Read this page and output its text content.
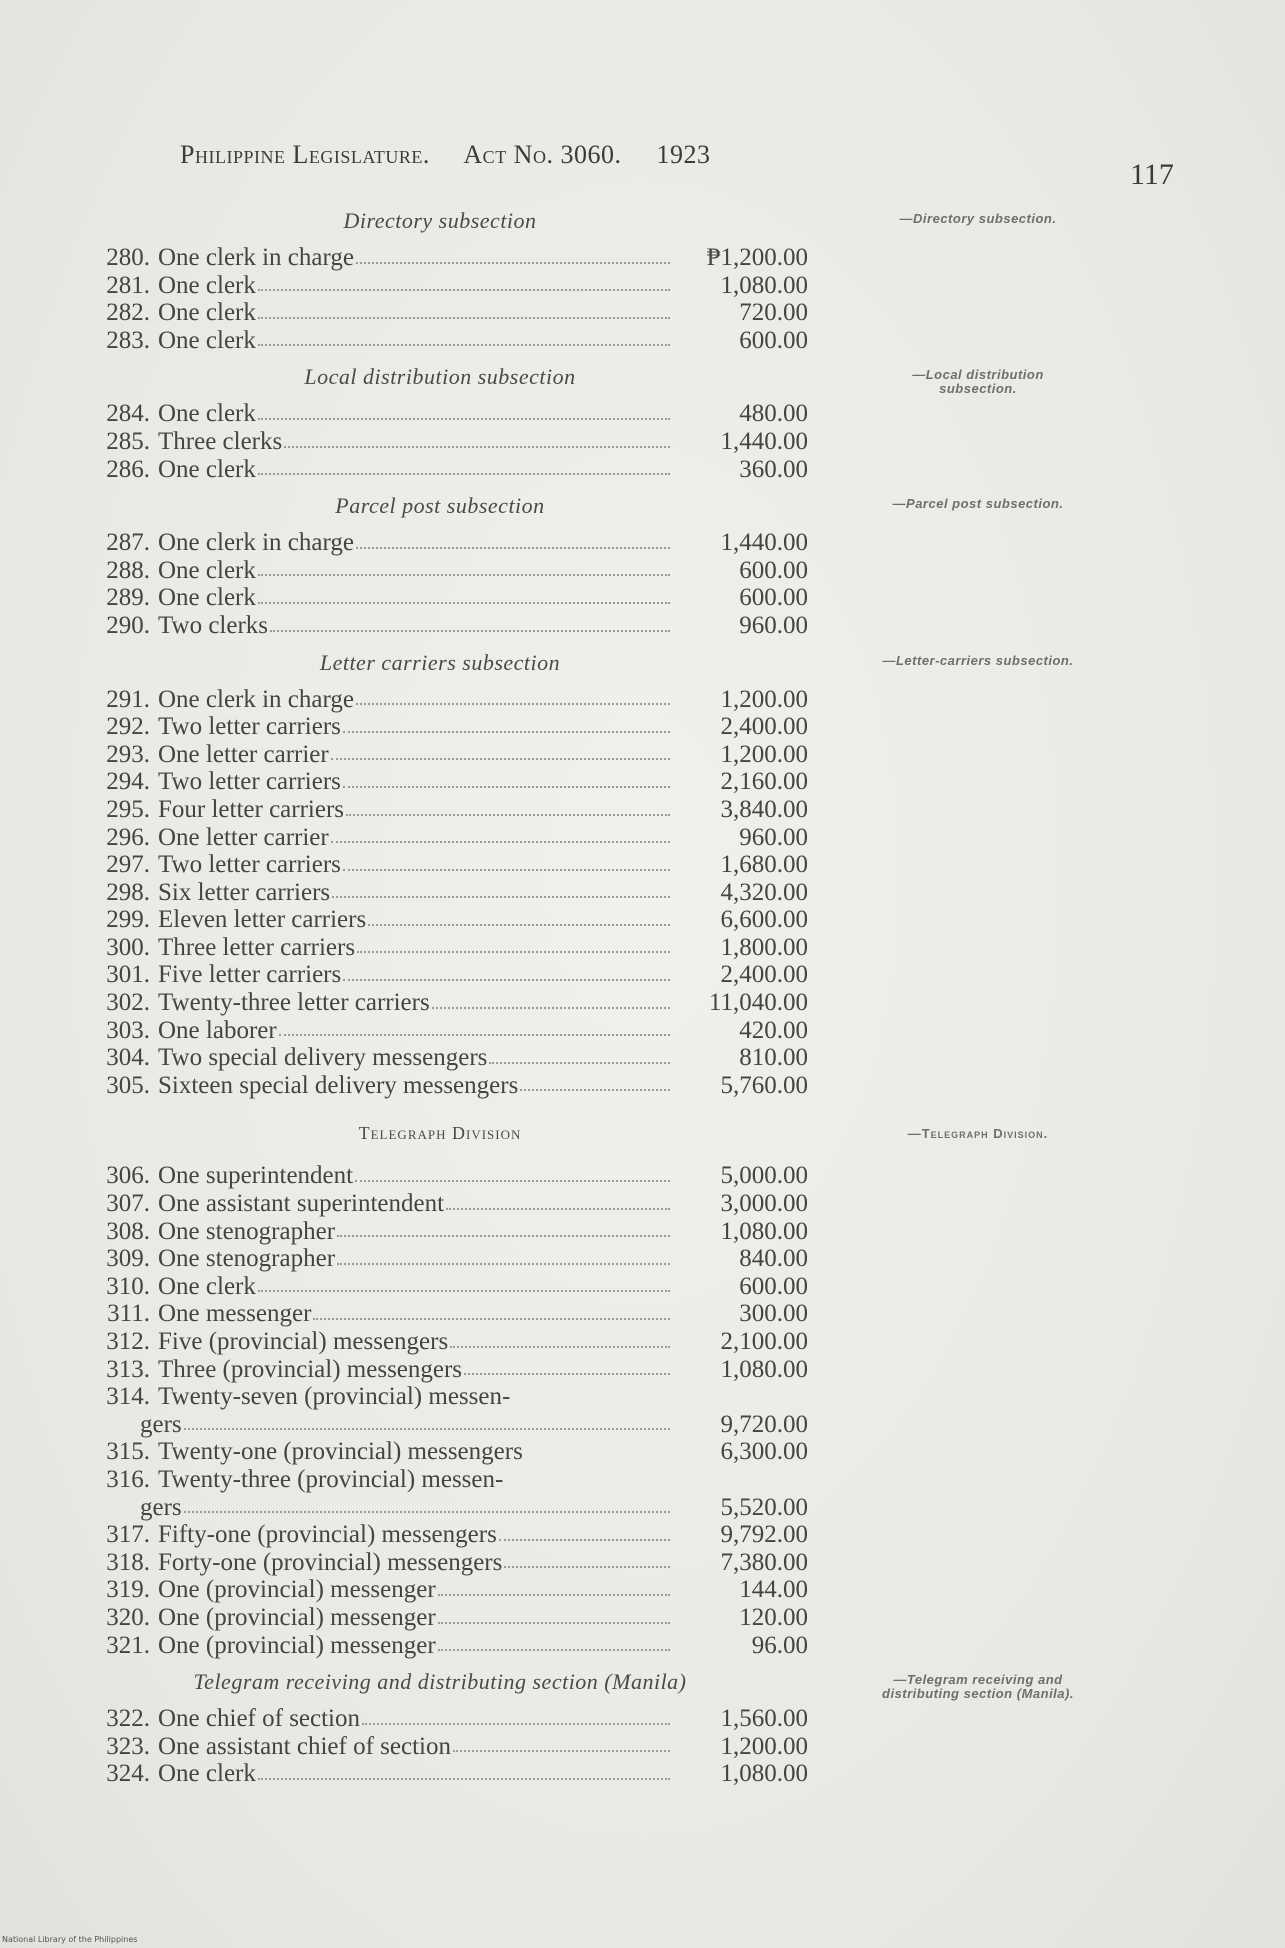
Philippine Legislature. Act No. 3060. 1923
117
Directory subsection	—Directory subsection.
280. One clerk in charge	₱1,200.00
281. One clerk	1,080.00
282. One clerk	720.00
283. One clerk	600.00
Local distribution subsection	—Local distribution subsection.
284. One clerk	480.00
285. Three clerks	1,440.00
286. One clerk	360.00
Parcel post subsection	—Parcel post subsection.
287. One clerk in charge	1,440.00
288. One clerk	600.00
289. One clerk	600.00
290. Two clerks	960.00
Letter carriers subsection	—Letter-carriers subsection.
291. One clerk in charge	1,200.00
292. Two letter carriers	2,400.00
293. One letter carrier	1,200.00
294. Two letter carriers	2,160.00
295. Four letter carriers	3,840.00
296. One letter carrier	960.00
297. Two letter carriers	1,680.00
298. Six letter carriers	4,320.00
299. Eleven letter carriers	6,600.00
300. Three letter carriers	1,800.00
301. Five letter carriers	2,400.00
302. Twenty-three letter carriers	11,040.00
303. One laborer	420.00
304. Two special delivery messengers	810.00
305. Sixteen special delivery messengers	5,760.00
Telegraph Division	—Telegraph Division.
306. One superintendent	5,000.00
307. One assistant superintendent	3,000.00
308. One stenographer	1,080.00
309. One stenographer	840.00
310. One clerk	600.00
311. One messenger	300.00
312. Five (provincial) messengers	2,100.00
313. Three (provincial) messengers	1,080.00
314. Twenty-seven (provincial) messen-
gers	9,720.00
315. Twenty-one (provincial) messengers	6,300.00
316. Twenty-three (provincial) messen-
gers	5,520.00
317. Fifty-one (provincial) messengers	9,792.00
318. Forty-one (provincial) messengers	7,380.00
319. One (provincial) messenger	144.00
320. One (provincial) messenger	120.00
321. One (provincial) messenger	96.00
Telegram receiving and distributing section (Manila)	—Telegram receiving and distributing section (Manila).
322. One chief of section	1,560.00
323. One assistant chief of section	1,200.00
324. One clerk	1,080.00
National Library of the Philippines
